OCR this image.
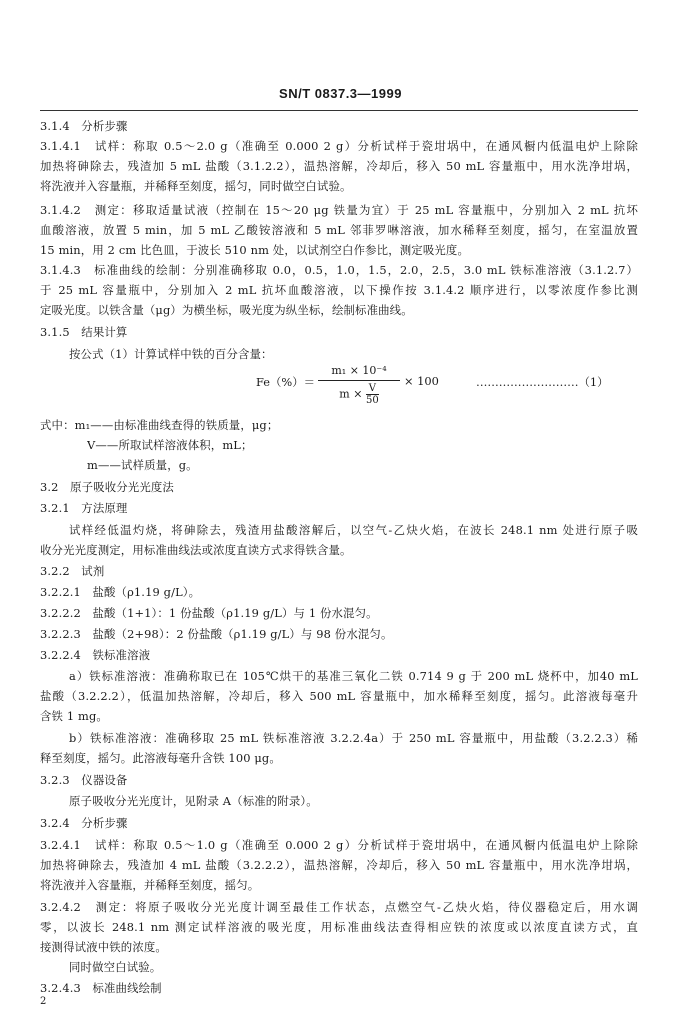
SN/T 0837.3—1999
3.1.4　分析步骤
3.1.4.1　试样：称取 0.5～2.0 g（准确至 0.000 2 g）分析试样于瓷坩埚中，在通风橱内低温电炉上除除
加热将砷除去，残渣加 5 mL 盐酸（3.1.2.2），温热溶解，冷却后，移入 50 mL 容量瓶中，用水洗净坩埚，
将洗液并入容量瓶，并稀释至刻度，摇匀，同时做空白试验。
3.1.4.2　测定：移取适量试液（控制在 15～20 μg 铁量为宜）于 25 mL 容量瓶中，分别加入 2 mL 抗坏
血酸溶液，放置 5 min，加 5 mL 乙酸铵溶液和 5 mL 邻菲罗啉溶液，加水稀释至刻度，摇匀，在室温放置
15 min，用 2 cm 比色皿，于波长 510 nm 处，以试剂空白作参比，测定吸光度。
3.1.4.3　标准曲线的绘制：分别准确移取 0.0，0.5，1.0，1.5，2.0，2.5，3.0 mL 铁标准溶液（3.1.2.7）
于 25 mL 容量瓶中，分别加入 2 mL 抗坏血酸溶液，以下操作按 3.1.4.2 顺序进行，以零浓度作参比测
定吸光度。以铁含量（μg）为横坐标，吸光度为纵坐标，绘制标准曲线。
3.1.5　结果计算
按公式（1）计算试样中铁的百分含量：
Fe（%）＝
m₁ × 10⁻⁴
$m \times \frac{V}{50}$
× 100	………………………（1）
式中：m₁——由标准曲线查得的铁质量，μg；
V——所取试样溶液体积，mL；
m——试样质量，g。
3.2　原子吸收分光光度法
3.2.1　方法原理
试样经低温灼烧，将砷除去，残渣用盐酸溶解后，以空气-乙炔火焰，在波长 248.1 nm 处进行原子吸
收分光光度测定，用标准曲线法或浓度直读方式求得铁含量。
3.2.2　试剂
3.2.2.1　盐酸（ρ1.19 g/L）。
3.2.2.2　盐酸（1+1）：1 份盐酸（ρ1.19 g/L）与 1 份水混匀。
3.2.2.3　盐酸（2+98）：2 份盐酸（ρ1.19 g/L）与 98 份水混匀。
3.2.2.4　铁标准溶液
a）铁标准溶液：准确称取已在 105℃烘干的基准三氧化二铁 0.714 9 g 于 200 mL 烧杯中，加40 mL
盐酸（3.2.2.2），低温加热溶解，冷却后，移入 500 mL 容量瓶中，加水稀释至刻度，摇匀。此溶液每毫升
含铁 1 mg。
b）铁标准溶液：准确移取 25 mL 铁标准溶液 3.2.2.4a）于 250 mL 容量瓶中，用盐酸（3.2.2.3）稀
释至刻度，摇匀。此溶液每毫升含铁 100 μg。
3.2.3　仪器设备
原子吸收分光光度计，见附录 A（标准的附录）。
3.2.4　分析步骤
3.2.4.1　试样：称取 0.5～1.0 g（准确至 0.000 2 g）分析试样于瓷坩埚中，在通风橱内低温电炉上除除
加热将砷除去，残渣加 4 mL 盐酸（3.2.2.2），温热溶解，冷却后，移入 50 mL 容量瓶中，用水洗净坩埚，
将洗液并入容量瓶，并稀释至刻度，摇匀。
3.2.4.2　测定：将原子吸收分光光度计调至最佳工作状态，点燃空气-乙炔火焰，待仪器稳定后，用水调
零，以波长 248.1 nm 测定试样溶液的吸光度，用标准曲线法查得相应铁的浓度或以浓度直读方式，直
接测得试液中铁的浓度。
同时做空白试验。
3.2.4.3　标准曲线绘制
2
